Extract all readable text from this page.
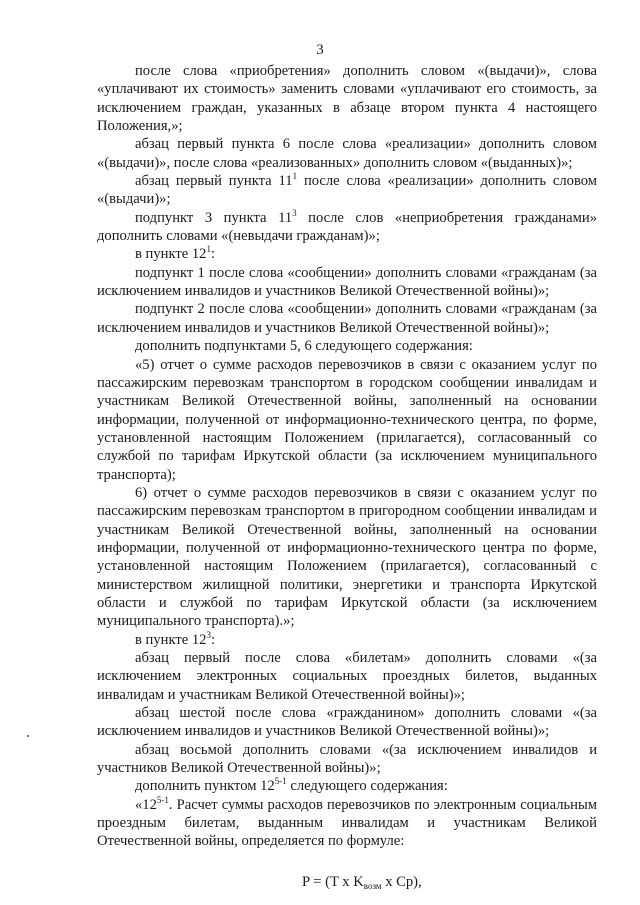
3

после слова «приобретения» дополнить словом «(выдачи)», слова «уплачивают их стоимость» заменить словами «уплачивают его стоимость, за исключением граждан, указанных в абзаце втором пункта 4 настоящего Положения,»;

абзац первый пункта 6 после слова «реализации» дополнить словом «(выдачи)», после слова «реализованных» дополнить словом «(выданных)»;

абзац первый пункта $11^1$ после слова «реализации» дополнить словом «(выдачи)»;

подпункт 3 пункта $11^3$ после слов «неприобретения гражданами» дополнить словами «(невыдачи гражданам)»;

в пункте $12^1$:

подпункт 1 после слова «сообщении» дополнить словами «гражданам (за исключением инвалидов и участников Великой Отечественной войны)»;

подпункт 2 после слова «сообщении» дополнить словами «гражданам (за исключением инвалидов и участников Великой Отечественной войны)»;

дополнить подпунктами 5, 6 следующего содержания:

«5) отчет о сумме расходов перевозчиков в связи с оказанием услуг по пассажирским перевозкам транспортом в городском сообщении инвалидам и участникам Великой Отечественной войны, заполненный на основании информации, полученной от информационно-технического центра, по форме, установленной настоящим Положением (прилагается), согласованный со службой по тарифам Иркутской области (за исключением муниципального транспорта);

6) отчет о сумме расходов перевозчиков в связи с оказанием услуг по пассажирским перевозкам транспортом в пригородном сообщении инвалидам и участникам Великой Отечественной войны, заполненный на основании информации, полученной от информационно-технического центра по форме, установленной настоящим Положением (прилагается), согласованный с министерством жилищной политики, энергетики и транспорта Иркутской области и службой по тарифам Иркутской области (за исключением муниципального транспорта).»;

в пункте $12^3$:

абзац первый после слова «билетам» дополнить словами «(за исключением электронных социальных проездных билетов, выданных инвалидам и участникам Великой Отечественной войны)»;

абзац шестой после слова «гражданином» дополнить словами «(за исключением инвалидов и участников Великой Отечественной войны)»;

абзац восьмой дополнить словами «(за исключением инвалидов и участников Великой Отечественной войны)»;

дополнить пунктом 12$^{5-1}$ следующего содержания:

«12$^{5-1}$. Расчет суммы расходов перевозчиков по электронным социальным проездным билетам, выданным инвалидам и участникам Великой Отечественной войны, определяется по формуле:

P = (T x $K_{возм}$ x Cp),
